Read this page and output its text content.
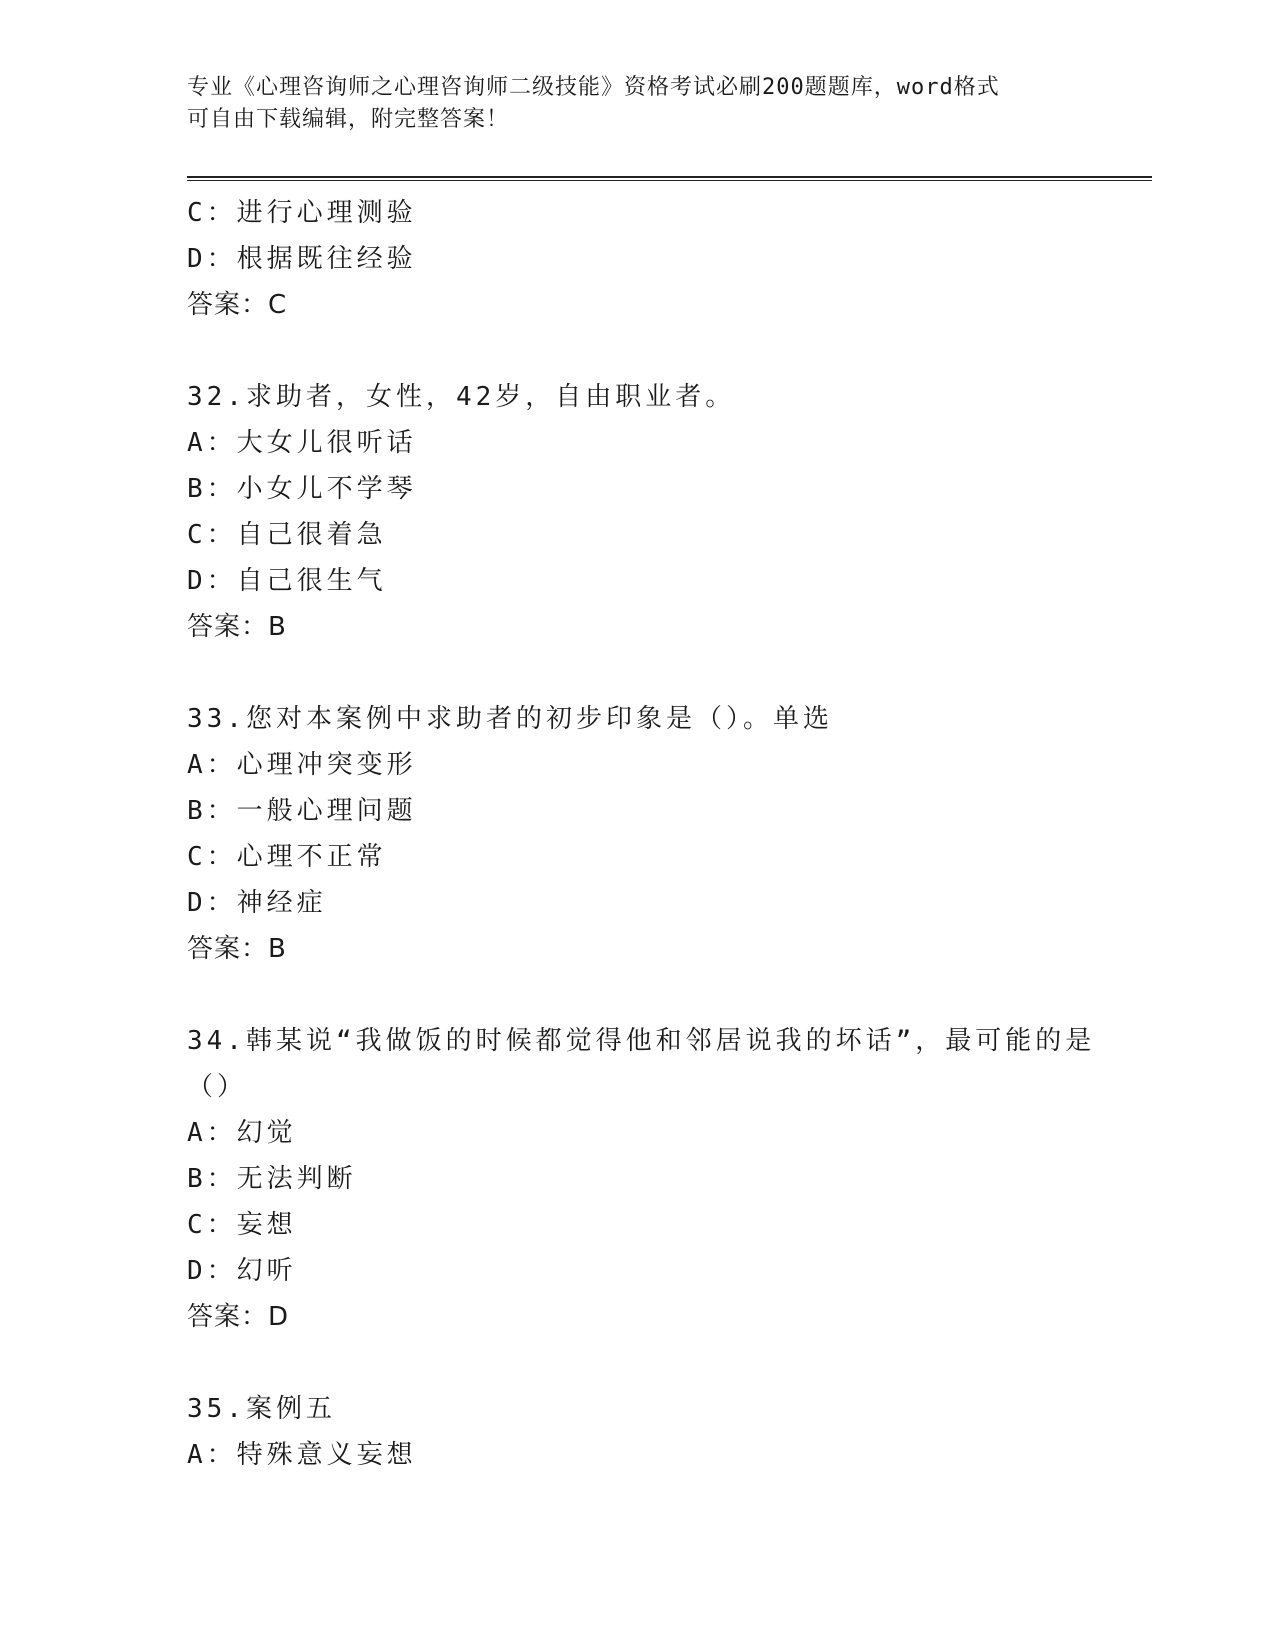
专业《心理咨询师之心理咨询师二级技能》资格考试必刷200题题库，word格式
可自由下载编辑，附完整答案！
C：进行心理测验
D：根据既往经验
答案：C
32.求助者，女性，42岁，自由职业者。
A：大女儿很听话
B：小女儿不学琴
C：自己很着急
D：自己很生气
答案：B
33.您对本案例中求助者的初步印象是（）。单选
A：心理冲突变形
B：一般心理问题
C：心理不正常
D：神经症
答案：B
34.韩某说“我做饭的时候都觉得他和邻居说我的坏话”，最可能的是
（）
A：幻觉
B：无法判断
C：妄想
D：幻听
答案：D
35.案例五
A：特殊意义妄想
